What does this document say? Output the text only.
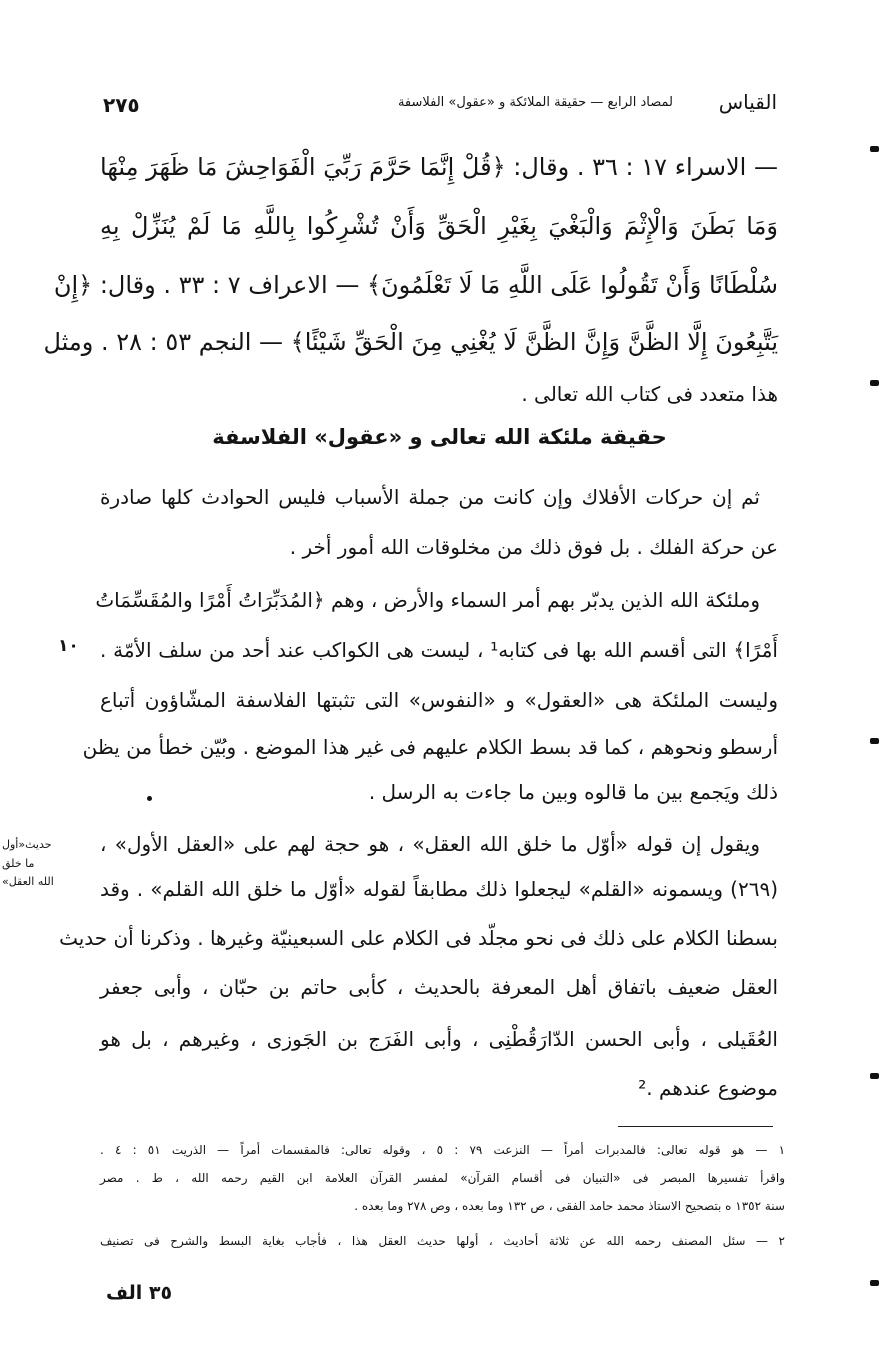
٢٧٥	لمصاد الرابع — حقيقة الملائكة و «عقول» الفلاسفة القياس
— الاسراء ١٧ : ٣٦ . وقال: ﴿قُلْ إِنَّمَا حَرَّمَ رَبِّيَ الْفَوَاحِشَ مَا ظَهَرَ مِنْهَا
وَمَا بَطَنَ وَالْإِثْمَ وَالْبَغْيَ بِغَيْرِ الْحَقِّ وَأَنْ تُشْرِكُوا بِاللَّهِ مَا لَمْ يُنَزِّلْ بِهِ
سُلْطَانًا وَأَنْ تَقُولُوا عَلَى اللَّهِ مَا لَا تَعْلَمُونَ﴾ — الاعراف ٧ : ٣٣ . وقال: ﴿إِنْ
يَتَّبِعُونَ إِلَّا الظَّنَّ وَإِنَّ الظَّنَّ لَا يُغْنِي مِنَ الْحَقِّ شَيْئًا﴾ — النجم ٥٣ : ٢٨ . ومثل
هذا متعدد فى كتاب الله تعالى .
حقيقة ملئكة الله تعالى و «عقول» الفلاسفة
ثم إن حركات الأفلاك وإن كانت من جملة الأسباب فليس الحوادث كلها صادرة
عن حركة الفلك . بل فوق ذلك من مخلوقات الله أمور أخر .
وملئكة الله الذين يدبّر بهم أمر السماء والأرض ، وهم ﴿المُدَبِّرَاتُ أَمْرًا والمُقَسِّمَاتُ
أَمْرًا﴾ التى أقسم الله بها فى كتابه¹ ، ليست هى الكواكب عند أحد من سلف الأمّة .
وليست الملئكة هى «العقول» و «النفوس» التى تثبتها الفلاسفة المشّاؤون أتباع
أرسطو ونحوهم ، كما قد بسط الكلام عليهم فى غير هذا الموضع . وبُيّن خطأ من يظن
ذلك ويَجمع بين ما قالوه وبين ما جاءت به الرسل .
١٠
حديث«أول
ما خلق
الله العقل»
ويقول إن قوله «أوّل ما خلق الله العقل» ، هو حجة لهم على «العقل الأول» ،
(٢٦٩) ويسمونه «القلم» ليجعلوا ذلك مطابقاً لقوله «أوّل ما خلق الله القلم» . وقد
بسطنا الكلام على ذلك فى نحو مجلّد فى الكلام على السبعينيّة وغيرها . وذكرنا أن حديث
العقل ضعيف باتفاق أهل المعرفة بالحديث ، كأبى حاتم بن حبّان ، وأبى جعفر
العُقَيلى ، وأبى الحسن الدّارَقُطْنِى ، وأبى الفَرَج بن الجَوزى ، وغيرهم ، بل هو
موضوع عندهم .²
١ — هو قوله تعالى: فالمدبرات أمراً — النزعت ٧٩ : ٥ ، وقوله تعالى: فالمقسمات أمراً — الذريت ٥١ : ٤ .
واقرأ تفسيرها المبصر فى «التبيان فى أقسام القرآن» لمفسر القرآن العلامة ابن القيم رحمه الله ، ط . مصر
سنة ١٣٥٢ ه بتصحيح الاستاذ محمد حامد الفقى ، ص ١٣٢ وما بعده ، وص ٢٧٨ وما بعده .
٢ — سئل المصنف رحمه الله عن ثلاثة أحاديث ، أولها حديث العقل هذا ، فأجاب بغاية البسط والشرح فى تصنيف
٣٥ الف
